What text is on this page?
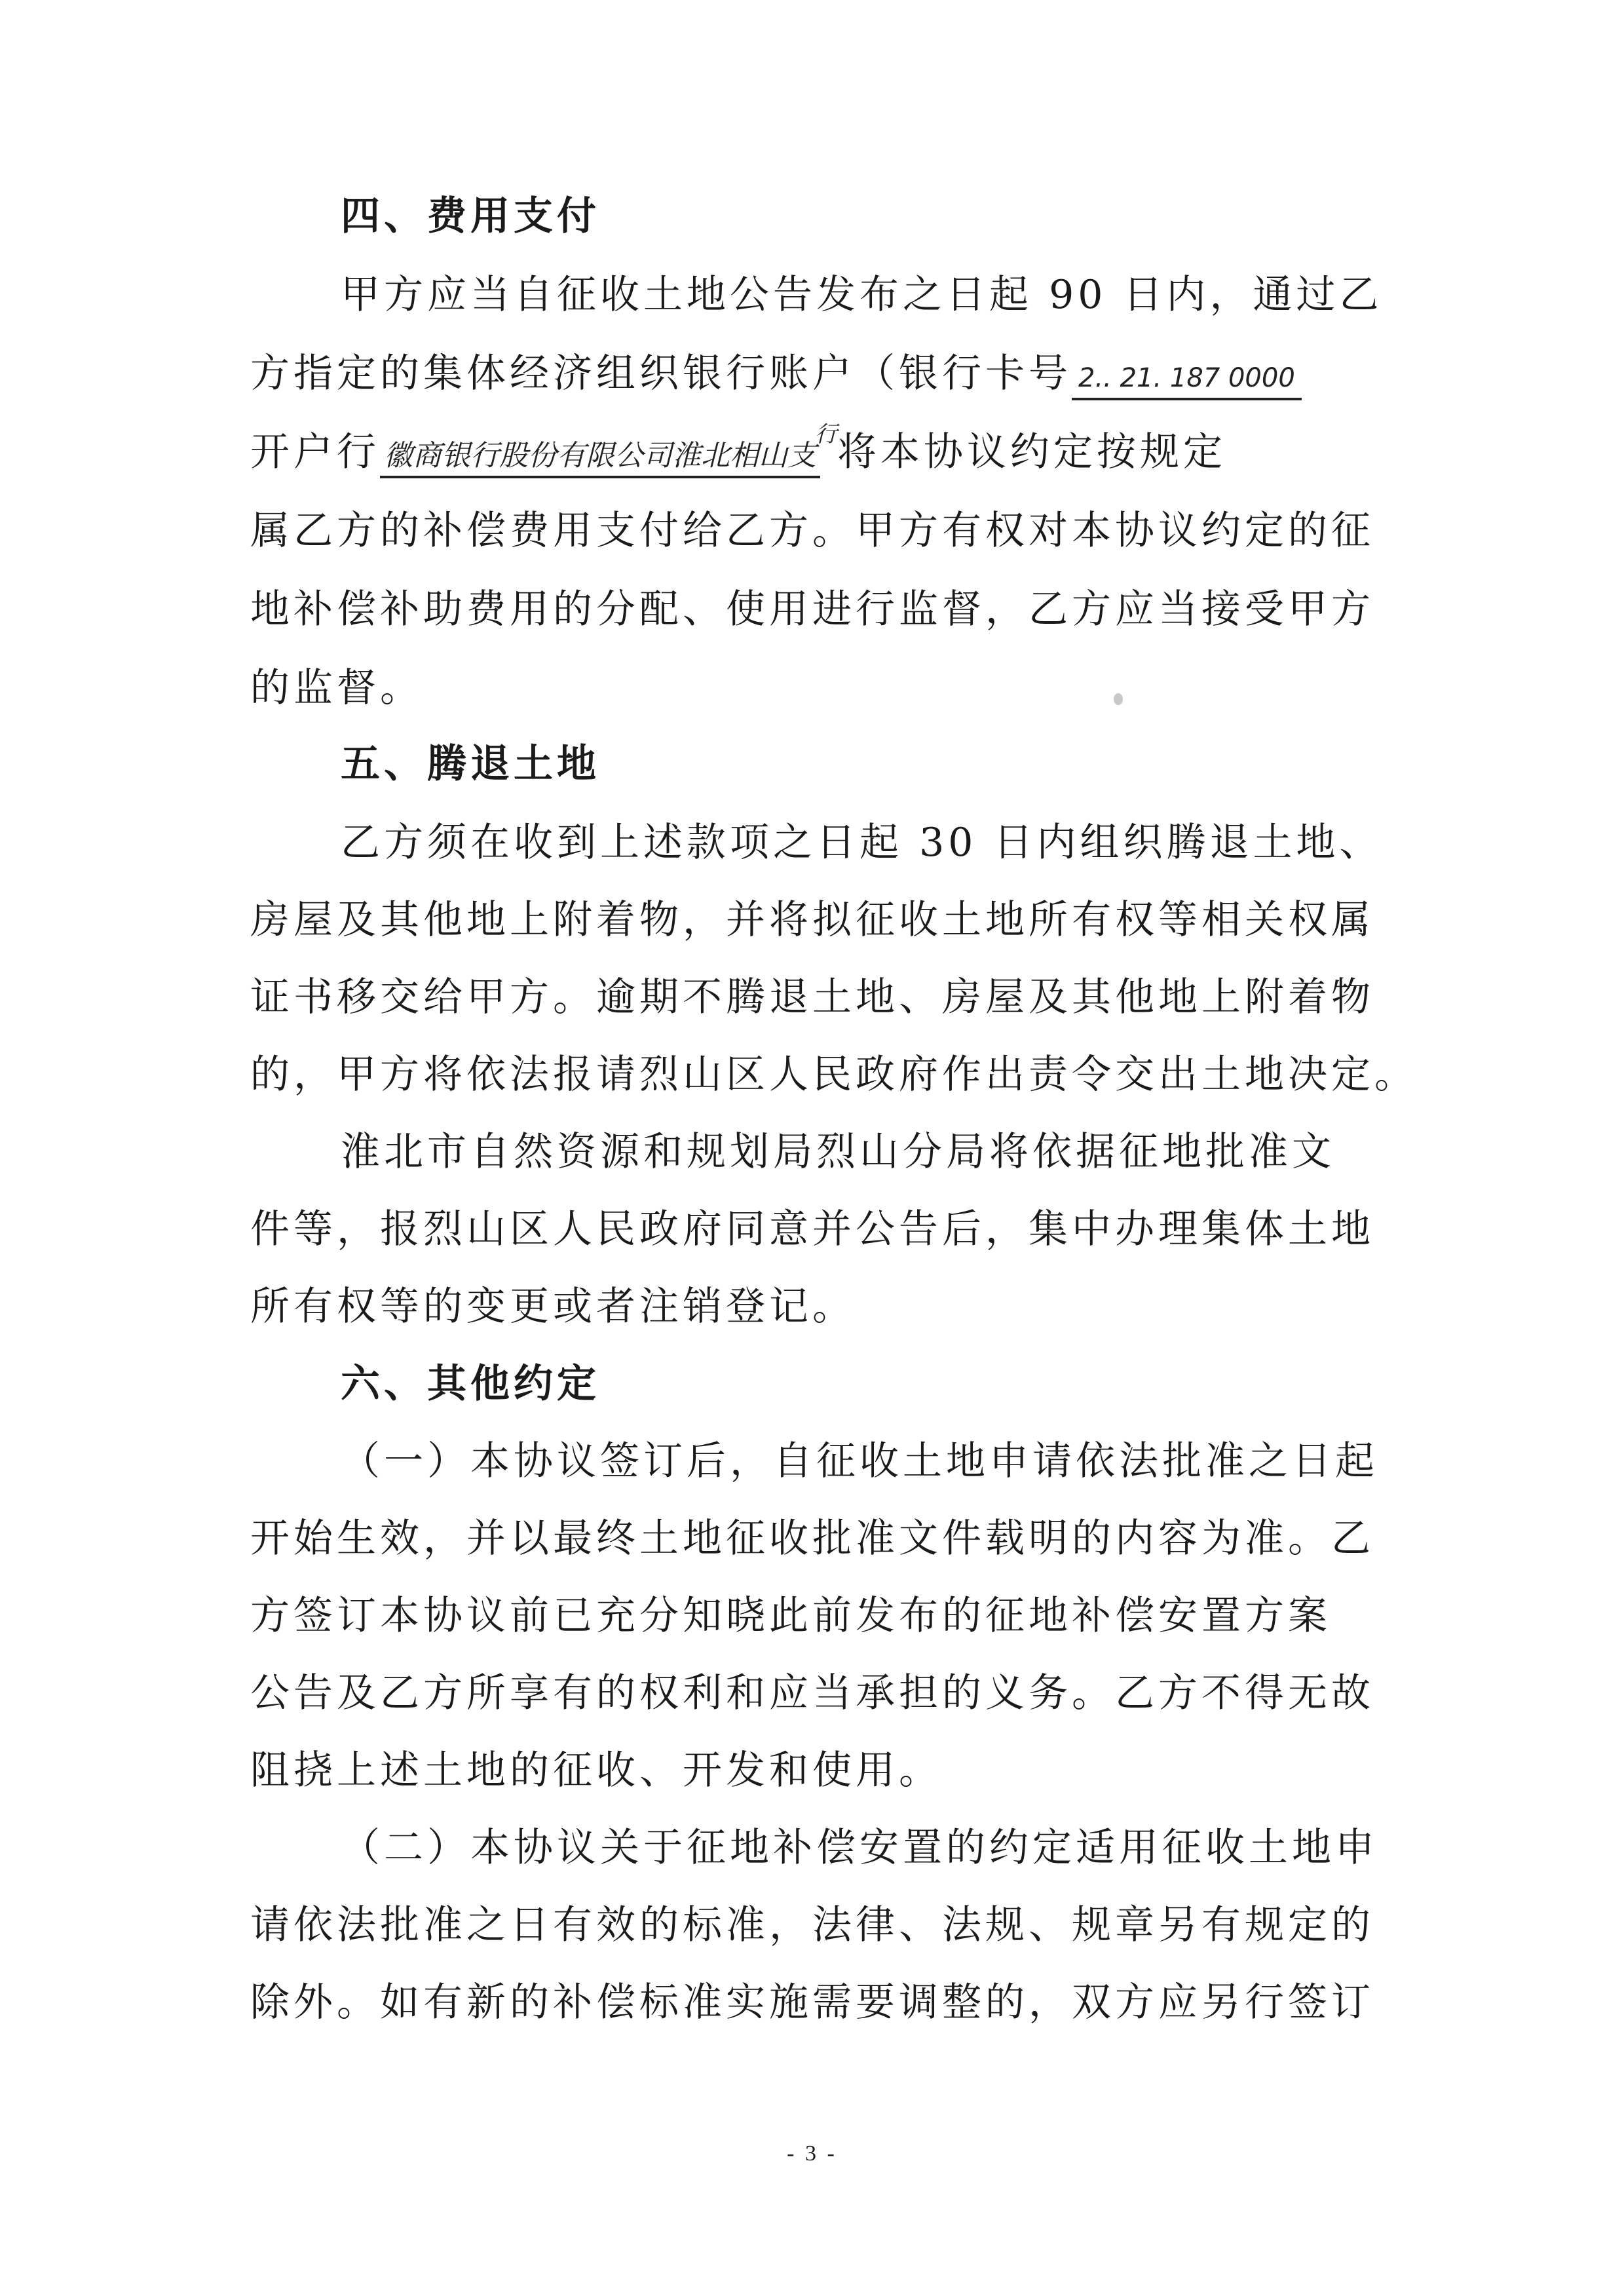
四、费用支付
甲方应当自征收土地公告发布之日起 90 日内，通过乙
方指定的集体经济组织银行账户（银行卡号 2.. 21. 187 0000
开户行 徽商银行股份有限公司淮北相山支行将本协议约定按规定
属乙方的补偿费用支付给乙方。甲方有权对本协议约定的征
地补偿补助费用的分配、使用进行监督，乙方应当接受甲方
的监督。
五、腾退土地
乙方须在收到上述款项之日起 30 日内组织腾退土地、
房屋及其他地上附着物，并将拟征收土地所有权等相关权属
证书移交给甲方。逾期不腾退土地、房屋及其他地上附着物
的，甲方将依法报请烈山区人民政府作出责令交出土地决定。
淮北市自然资源和规划局烈山分局将依据征地批准文
件等，报烈山区人民政府同意并公告后，集中办理集体土地
所有权等的变更或者注销登记。
六、其他约定
（一）本协议签订后，自征收土地申请依法批准之日起
开始生效，并以最终土地征收批准文件载明的内容为准。乙
方签订本协议前已充分知晓此前发布的征地补偿安置方案
公告及乙方所享有的权利和应当承担的义务。乙方不得无故
阻挠上述土地的征收、开发和使用。
（二）本协议关于征地补偿安置的约定适用征收土地申
请依法批准之日有效的标准，法律、法规、规章另有规定的
除外。如有新的补偿标准实施需要调整的，双方应另行签订
- 3 -
